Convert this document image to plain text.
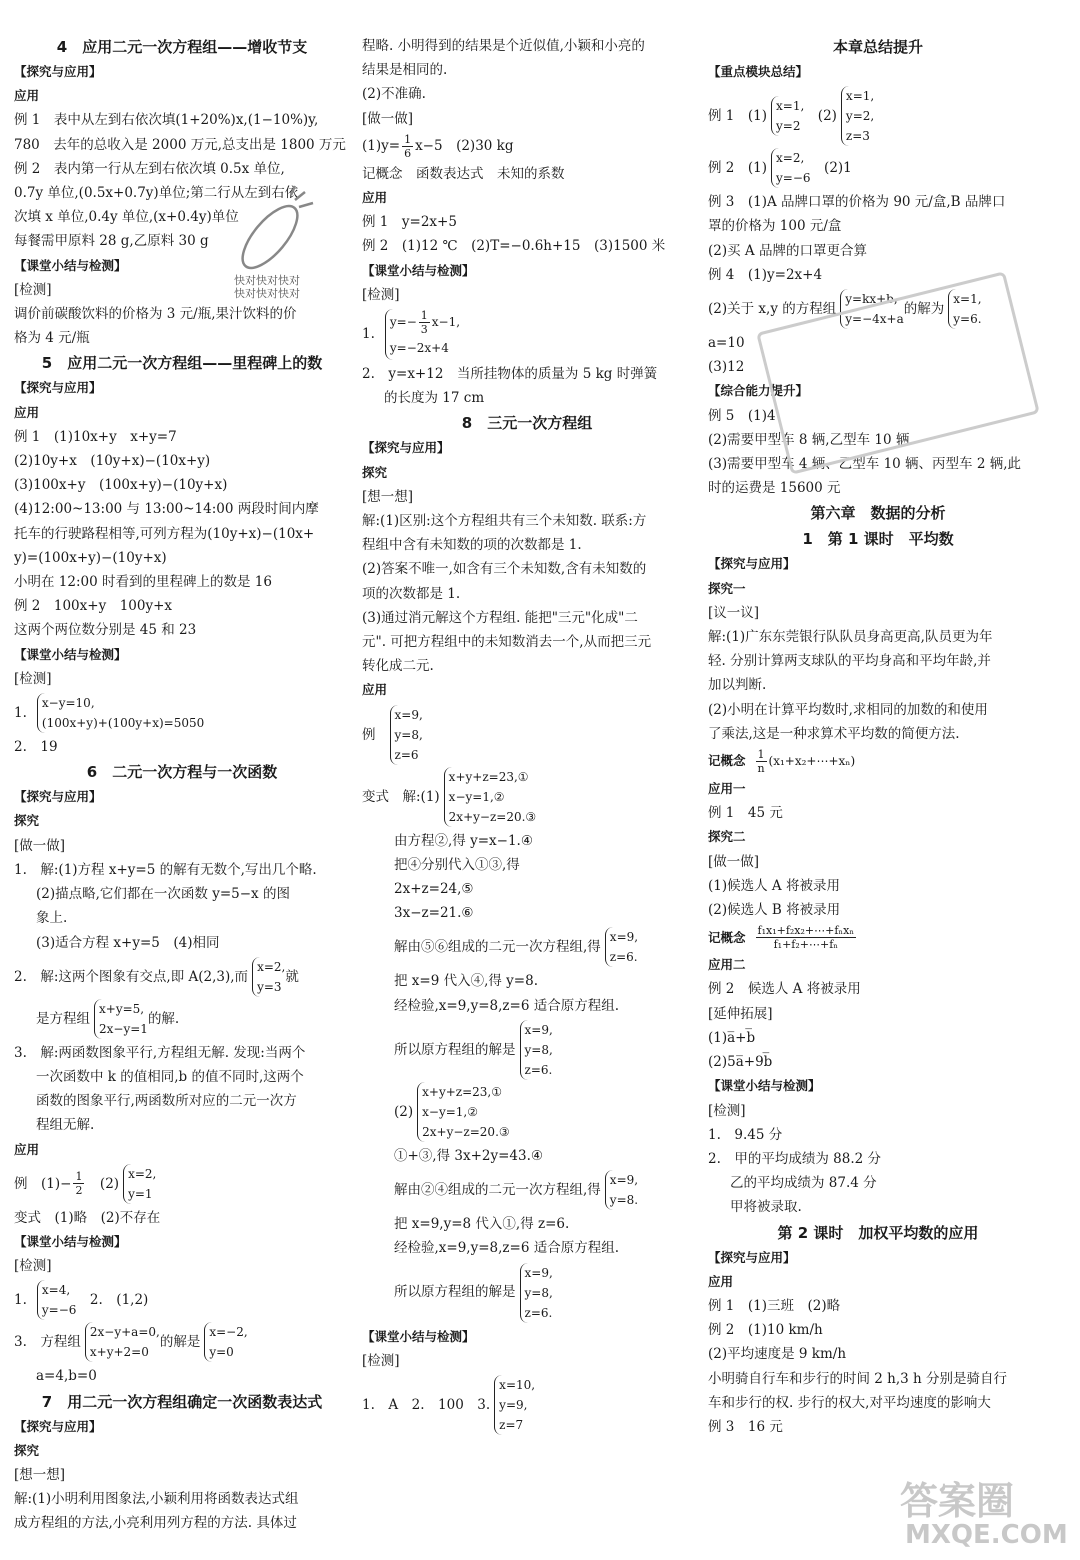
4　应用二元一次方程组——增收节支
【探究与应用】
应用
例 1　表中从左到右依次填(1+20%)x,(1−10%)y,
780　去年的总收入是 2000 万元,总支出是 1800 万元
例 2　表内第一行从左到右依次填 0.5x 单位,
0.7y 单位,(0.5x+0.7y)单位;第二行从左到右依
次填 x 单位,0.4y 单位,(x+0.4y)单位
每餐需甲原料 28 g,乙原料 30 g
【课堂小结与检测】
[检测]
调价前碳酸饮料的价格为 3 元/瓶,果汁饮料的价
格为 4 元/瓶
5　应用二元一次方程组——里程碑上的数
【探究与应用】
应用
例 1　(1)10x+y　x+y=7
(2)10y+x　(10y+x)−(10x+y)
(3)100x+y　(100x+y)−(10y+x)
(4)12:00~13:00 与 13:00~14:00 两段时间内摩
托车的行驶路程相等,可列方程为(10y+x)−(10x+
y)=(100x+y)−(10y+x)
小明在 12:00 时看到的里程碑上的数是 16
例 2　100x+y　100y+x
这两个两位数分别是 45 和 23
【课堂小结与检测】
[检测]
1.
x−y=10,
(100x+y)+(100y+x)=5050
2.　19
6　二元一次方程与一次函数
【探究与应用】
探究
[做一做]
1.　解:(1)方程 x+y=5 的解有无数个,写出几个略.
(2)描点略,它们都在一次函数 y=5−x 的图
象上.
(3)适合方程 x+y=5　(4)相同
2.　解:这两个图象有交点,即 A(2,3),而
x=2,
y=3
就
是方程组
x+y=5,
2x−y=1
的解.
3.　解:两函数图象平行,方程组无解. 发现:当两个
一次函数中 k 的值相同,b 的值不同时,这两个
函数的图象平行,两函数所对应的二元一次方
程组无解.
应用
例　$(1)- \frac{1}{2}$ 　(2)
x=2,
y=1
变式　(1)略　(2)不存在
【课堂小结与检测】
[检测]
1.
x=4,
y=−6
　2.　(1,2)
3.　方程组
2x−y+a=0,
x+y+2=0
的解是
x=−2,
y=0
a=4,b=0
7　用二元一次方程组确定一次函数表达式
【探究与应用】
探究
[想一想]
解:(1)小明利用图象法,小颖利用将函数表达式组
成方程组的方法,小亮利用列方程的方法. 具体过
程略. 小明得到的结果是个近似值,小颖和小亮的
结果是相同的.
(2)不准确.
[做一做]
$(1)y= \frac{1}{6} x-5$　(2)30 kg
记概念　函数表达式　未知的系数
应用
例 1　y=2x+5
例 2　(1)12 ℃　(2)T=−0.6h+15　(3)1500 米
【课堂小结与检测】
[检测]
1.
$y=- \frac{1}{3} x-1$,
y=−2x+4
2.　y=x+12　当所挂物体的质量为 5 kg 时弹簧
的长度为 17 cm
8　三元一次方程组
【探究与应用】
探究
[想一想]
解:(1)区别:这个方程组共有三个未知数. 联系:方
程组中含有未知数的项的次数都是 1.
(2)答案不唯一,如含有三个未知数,含有未知数的
项的次数都是 1.
(3)通过消元解这个方程组. 能把"三元"化成"二
元". 可把方程组中的未知数消去一个,从而把三元
转化成二元.
应用
例
x=9,
y=8,
z=6
变式　解:(1)
x+y+z=23,①
x−y=1,②
2x+y−z=20.③
由方程②,得 y=x−1.④
把④分别代入①③,得
2x+z=24,⑤
3x−z=21.⑥
解由⑤⑥组成的二元一次方程组,得
x=9,
z=6.
把 x=9 代入④,得 y=8.
经检验,x=9,y=8,z=6 适合原方程组.
所以原方程组的解是
x=9,
y=8,
z=6.
(2)
x+y+z=23,①
x−y=1,②
2x+y−z=20.③
①+③,得 3x+2y=43.④
解由②④组成的二元一次方程组,得
x=9,
y=8.
把 x=9,y=8 代入①,得 z=6.
经检验,x=9,y=8,z=6 适合原方程组.
所以原方程组的解是
x=9,
y=8,
z=6.
【课堂小结与检测】
[检测]
1.　A　2.　100　3.
x=10,
y=9,
z=7
本章总结提升
【重点模块总结】
例 1　(1)
x=1,
y=2
　(2)
x=1,
y=2,
z=3
例 2　(1)
x=2,
y=−6
　(2)1
例 3　(1)A 品牌口罩的价格为 90 元/盒,B 品牌口
罩的价格为 100 元/盒
(2)买 A 品牌的口罩更合算
例 4　(1)y=2x+4
(2)关于 x,y 的方程组
y=kx+b,
y=−4x+a
的解为
x=1,
y=6.
a=10
(3)12
【综合能力提升】
例 5　(1)4
(2)需要甲型车 8 辆,乙型车 10 辆
(3)需要甲型车 4 辆、乙型车 10 辆、丙型车 2 辆,此
时的运费是 15600 元
第六章　数据的分析
1　第 1 课时　平均数
【探究与应用】
探究一
[议一议]
解:(1)广东东莞银行队队员身高更高,队员更为年
轻. 分别计算两支球队的平均身高和平均年龄,并
加以判断.
(2)小明在计算平均数时,求相同的加数的和使用
了乘法,这是一种求算术平均数的简便方法.
记概念 $\frac{1}{n}$ (x₁+x₂+⋯+xₙ)
应用一
例 1　45 元
探究二
[做一做]
(1)候选人 A 将被录用
(2)候选人 B 将被录用
记概念 $\frac{\text{f₁x₁+f₂x₂+⋯+fₙxₙ}}{\text{f₁+f₂+⋯+fₙ}}$
应用二
例 2　候选人 A 将被录用
[延伸拓展]
(1)a̅+b̅
(2)5a̅+9b̅
【课堂小结与检测】
[检测]
1.　9.45 分
2.　甲的平均成绩为 88.2 分
乙的平均成绩为 87.4 分
甲将被录取.
第 2 课时　加权平均数的应用
【探究与应用】
应用
例 1　(1)三班　(2)略
例 2　(1)10 km/h
(2)平均速度是 9 km/h
小明骑自行车和步行的时间 2 h,3 h 分别是骑自行
车和步行的权. 步行的权大,对平均速度的影响大
例 3　16 元
快对快对快对
快对快对快对
答案圈
MXQE.COM
